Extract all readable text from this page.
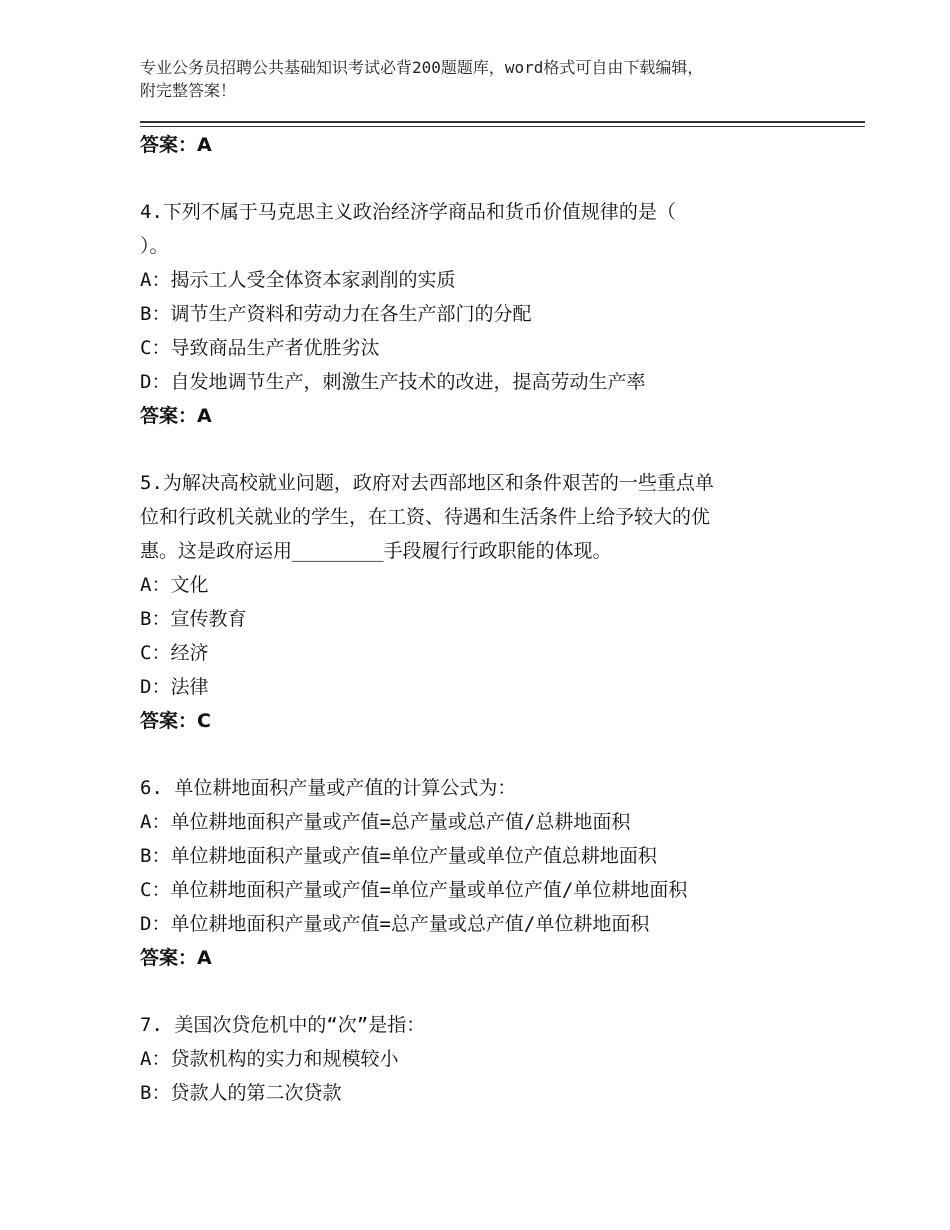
专业公务员招聘公共基础知识考试必背200题题库，word格式可自由下载编辑，
附完整答案！
答案：A
4.下列不属于马克思主义政治经济学商品和货币价值规律的是（
）。
A：揭示工人受全体资本家剥削的实质
B：调节生产资料和劳动力在各生产部门的分配
C：导致商品生产者优胜劣汰
D：自发地调节生产，刺激生产技术的改进，提高劳动生产率
答案：A
5.为解决高校就业问题，政府对去西部地区和条件艰苦的一些重点单
位和行政机关就业的学生，在工资、待遇和生活条件上给予较大的优
惠。这是政府运用________手段履行行政职能的体现。
A：文化
B：宣传教育
C：经济
D：法律
答案：C
6. 单位耕地面积产量或产值的计算公式为：
A：单位耕地面积产量或产值=总产量或总产值/总耕地面积
B：单位耕地面积产量或产值=单位产量或单位产值总耕地面积
C：单位耕地面积产量或产值=单位产量或单位产值/单位耕地面积
D：单位耕地面积产量或产值=总产量或总产值/单位耕地面积
答案：A
7. 美国次贷危机中的“次”是指：
A：贷款机构的实力和规模较小
B：贷款人的第二次贷款
